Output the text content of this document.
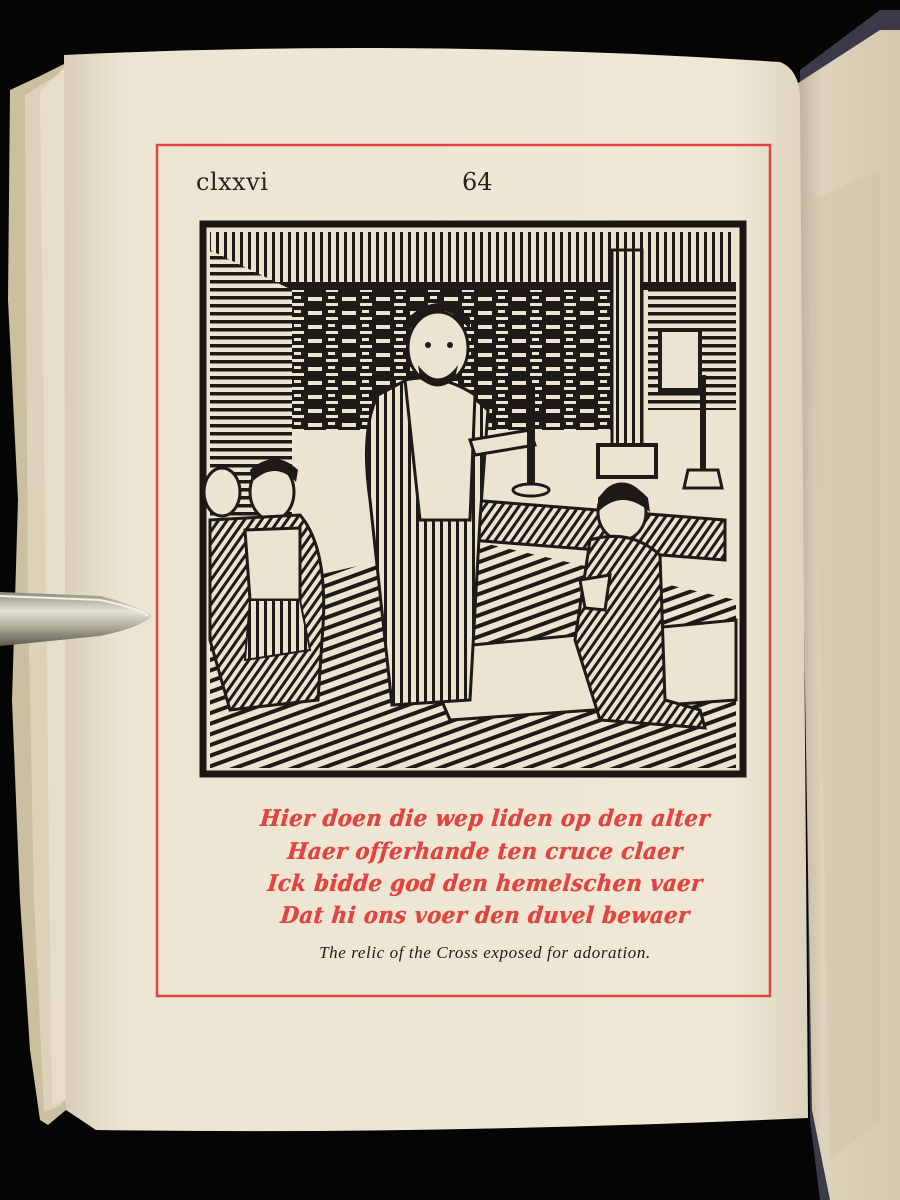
clxxvi	64
Hier doen die wep liden op den alter
Haer offerhande ten cruce claer
Ick bidde god den hemelschen vaer
Dat hi ons voer den duvel bewaer
The relic of the Cross exposed for adoration.
